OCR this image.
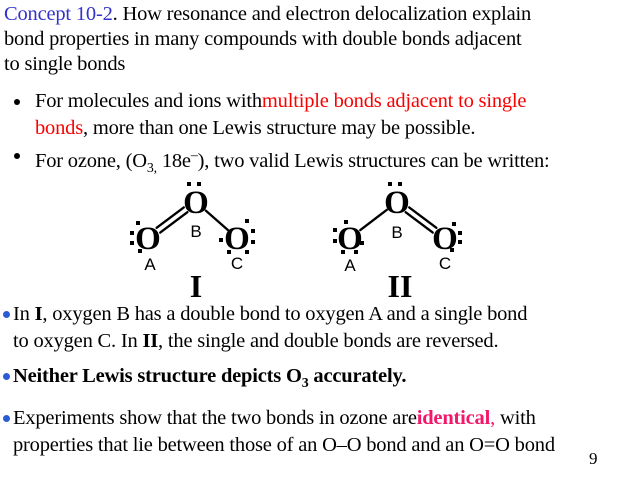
Concept 10-2. How resonance and electron delocalization explain
bond properties in many compounds with double bonds adjacent
to single bonds
For molecules and ions withmultiple bonds adjacent to single
bonds, more than one Lewis structure may be possible.
For ozone, ($O_{3,}$ 18e–), two valid Lewis structures can be written:
O
O
O
A
B
C
I
O
O
O
A
B
C
II
In I, oxygen B has a double bond to oxygen A and a single bond
to oxygen C. In II, the single and double bonds are reversed.
Neither Lewis structure depicts $O_3$ accurately.
Experiments show that the two bonds in ozone areidentical, with
properties that lie between those of an O–O bond and an O=O bond
9
